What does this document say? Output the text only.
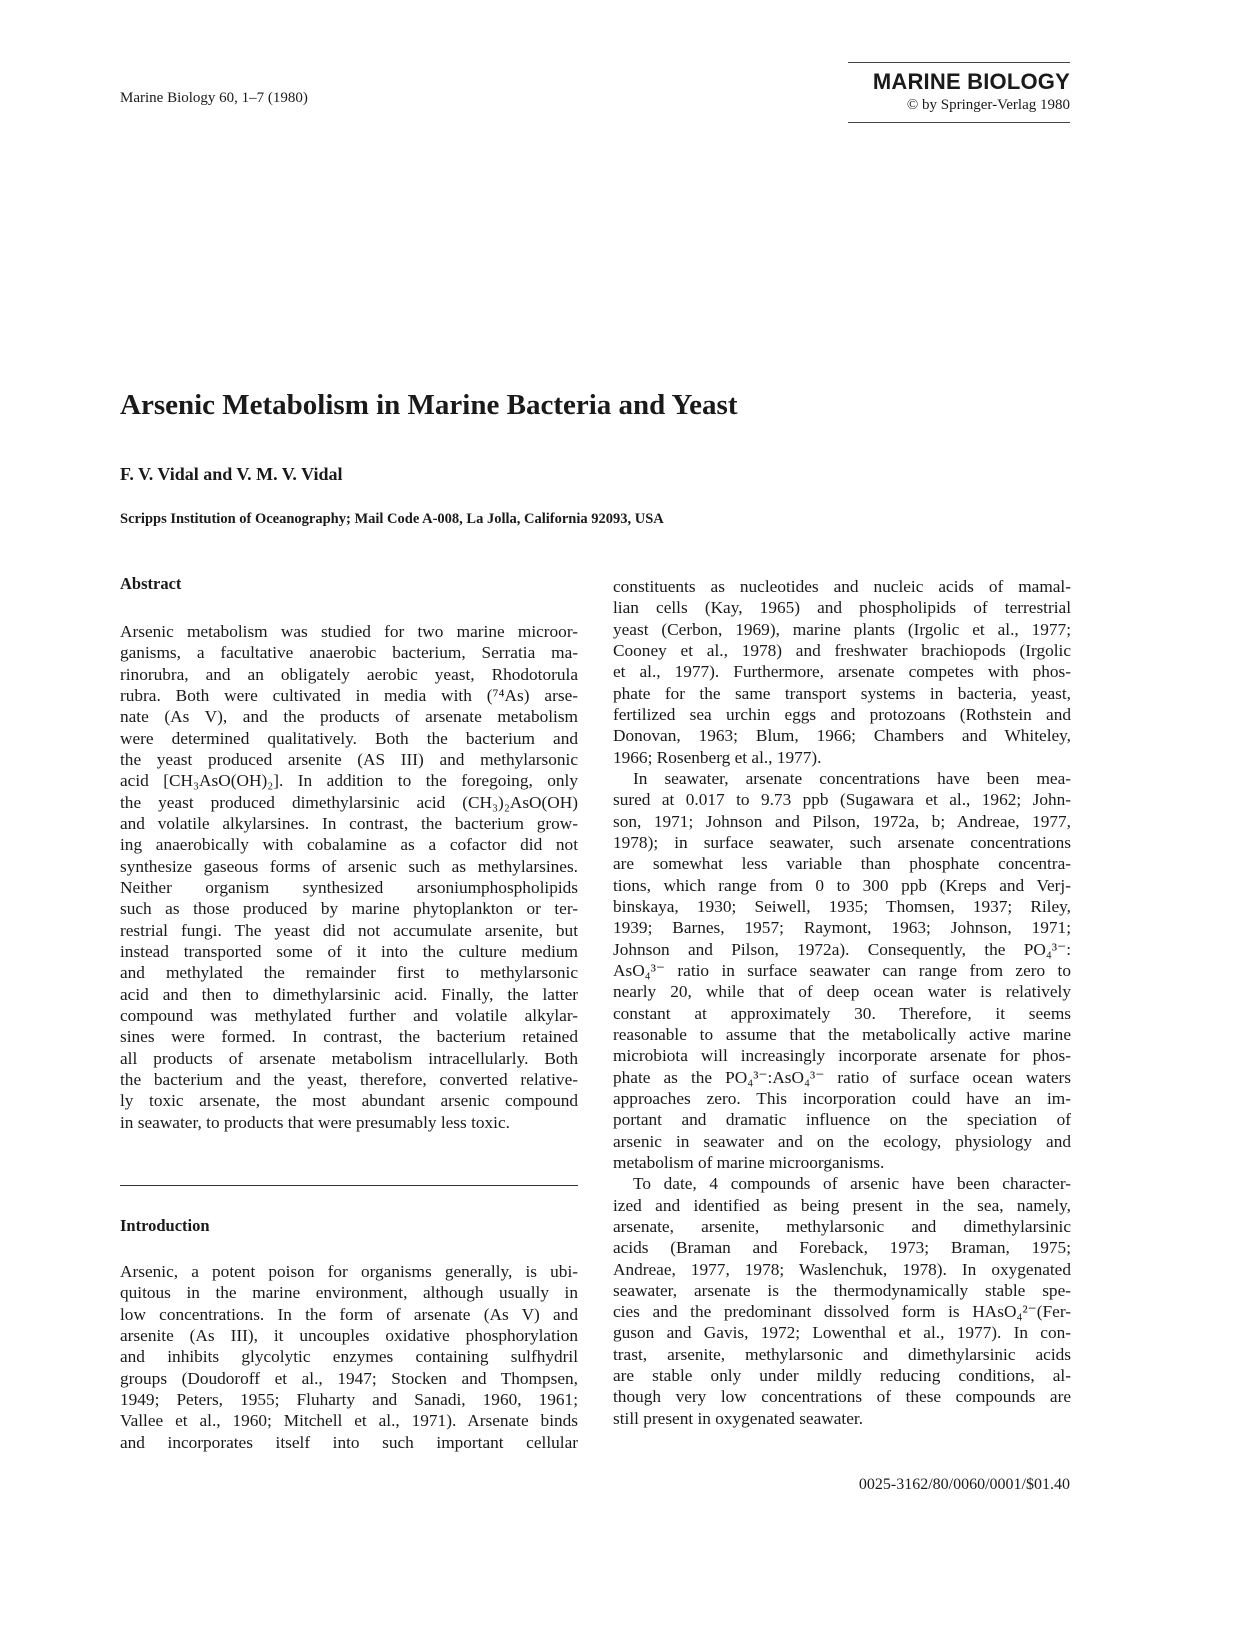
Marine Biology 60, 1–7 (1980)
MARINE BIOLOGY
© by Springer-Verlag 1980
Arsenic Metabolism in Marine Bacteria and Yeast
F. V. Vidal and V. M. V. Vidal
Scripps Institution of Oceanography; Mail Code A-008, La Jolla, California 92093, USA
Abstract
Arsenic metabolism was studied for two marine microor-
ganisms, a facultative anaerobic bacterium, Serratia ma-
rinorubra, and an obligately aerobic yeast, Rhodotorula
rubra. Both were cultivated in media with (⁷⁴As) arse-
nate (As V), and the products of arsenate metabolism
were determined qualitatively. Both the bacterium and
the yeast produced arsenite (AS III) and methylarsonic
acid [CH₃AsO(OH)₂]. In addition to the foregoing, only
the yeast produced dimethylarsinic acid (CH₃)₂AsO(OH)
and volatile alkylarsines. In contrast, the bacterium grow-
ing anaerobically with cobalamine as a cofactor did not
synthesize gaseous forms of arsenic such as methylarsines.
Neither organism synthesized arsoniumphospholipids
such as those produced by marine phytoplankton or ter-
restrial fungi. The yeast did not accumulate arsenite, but
instead transported some of it into the culture medium
and methylated the remainder first to methylarsonic
acid and then to dimethylarsinic acid. Finally, the latter
compound was methylated further and volatile alkylar-
sines were formed. In contrast, the bacterium retained
all products of arsenate metabolism intracellularly. Both
the bacterium and the yeast, therefore, converted relative-
ly toxic arsenate, the most abundant arsenic compound
in seawater, to products that were presumably less toxic.
Introduction
Arsenic, a potent poison for organisms generally, is ubi-
quitous in the marine environment, although usually in
low concentrations. In the form of arsenate (As V) and
arsenite (As III), it uncouples oxidative phosphorylation
and inhibits glycolytic enzymes containing sulfhydril
groups (Doudoroff et al., 1947; Stocken and Thompsen,
1949; Peters, 1955; Fluharty and Sanadi, 1960, 1961;
Vallee et al., 1960; Mitchell et al., 1971). Arsenate binds
and incorporates itself into such important cellular
constituents as nucleotides and nucleic acids of mamal-
lian cells (Kay, 1965) and phospholipids of terrestrial
yeast (Cerbon, 1969), marine plants (Irgolic et al., 1977;
Cooney et al., 1978) and freshwater brachiopods (Irgolic
et al., 1977). Furthermore, arsenate competes with phos-
phate for the same transport systems in bacteria, yeast,
fertilized sea urchin eggs and protozoans (Rothstein and
Donovan, 1963; Blum, 1966; Chambers and Whiteley,
1966; Rosenberg et al., 1977).
In seawater, arsenate concentrations have been mea-
sured at 0.017 to 9.73 ppb (Sugawara et al., 1962; John-
son, 1971; Johnson and Pilson, 1972a, b; Andreae, 1977,
1978); in surface seawater, such arsenate concentrations
are somewhat less variable than phosphate concentra-
tions, which range from 0 to 300 ppb (Kreps and Verj-
binskaya, 1930; Seiwell, 1935; Thomsen, 1937; Riley,
1939; Barnes, 1957; Raymont, 1963; Johnson, 1971;
Johnson and Pilson, 1972a). Consequently, the PO₄³⁻:
AsO₄³⁻ ratio in surface seawater can range from zero to
nearly 20, while that of deep ocean water is relatively
constant at approximately 30. Therefore, it seems
reasonable to assume that the metabolically active marine
microbiota will increasingly incorporate arsenate for phos-
phate as the PO₄³⁻:AsO₄³⁻ ratio of surface ocean waters
approaches zero. This incorporation could have an im-
portant and dramatic influence on the speciation of
arsenic in seawater and on the ecology, physiology and
metabolism of marine microorganisms.
To date, 4 compounds of arsenic have been character-
ized and identified as being present in the sea, namely,
arsenate, arsenite, methylarsonic and dimethylarsinic
acids (Braman and Foreback, 1973; Braman, 1975;
Andreae, 1977, 1978; Waslenchuk, 1978). In oxygenated
seawater, arsenate is the thermodynamically stable spe-
cies and the predominant dissolved form is HAsO₄²⁻(Fer-
guson and Gavis, 1972; Lowenthal et al., 1977). In con-
trast, arsenite, methylarsonic and dimethylarsinic acids
are stable only under mildly reducing conditions, al-
though very low concentrations of these compounds are
still present in oxygenated seawater.
0025-3162/80/0060/0001/$01.40
